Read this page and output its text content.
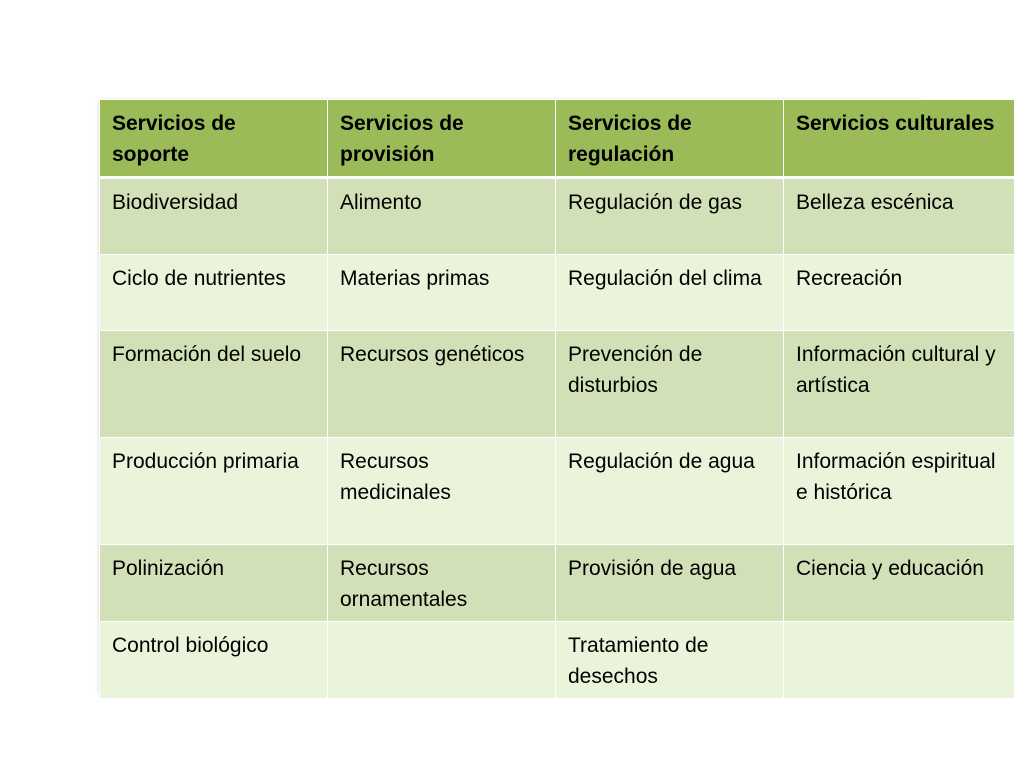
Servicios de soporte	Servicios de provisión	Servicios de regulación	Servicios culturales
Biodiversidad	Alimento	Regulación de gas	Belleza escénica
Ciclo de nutrientes	Materias primas	Regulación del clima	Recreación
Formación del suelo	Recursos genéticos	Prevención de disturbios	Información cultural y artística
Producción primaria	Recursos medicinales	Regulación de agua	Información espiritual e histórica
Polinización	Recursos ornamentales	Provisión de agua	Ciencia y educación
Control biológico		Tratamiento de desechos	
